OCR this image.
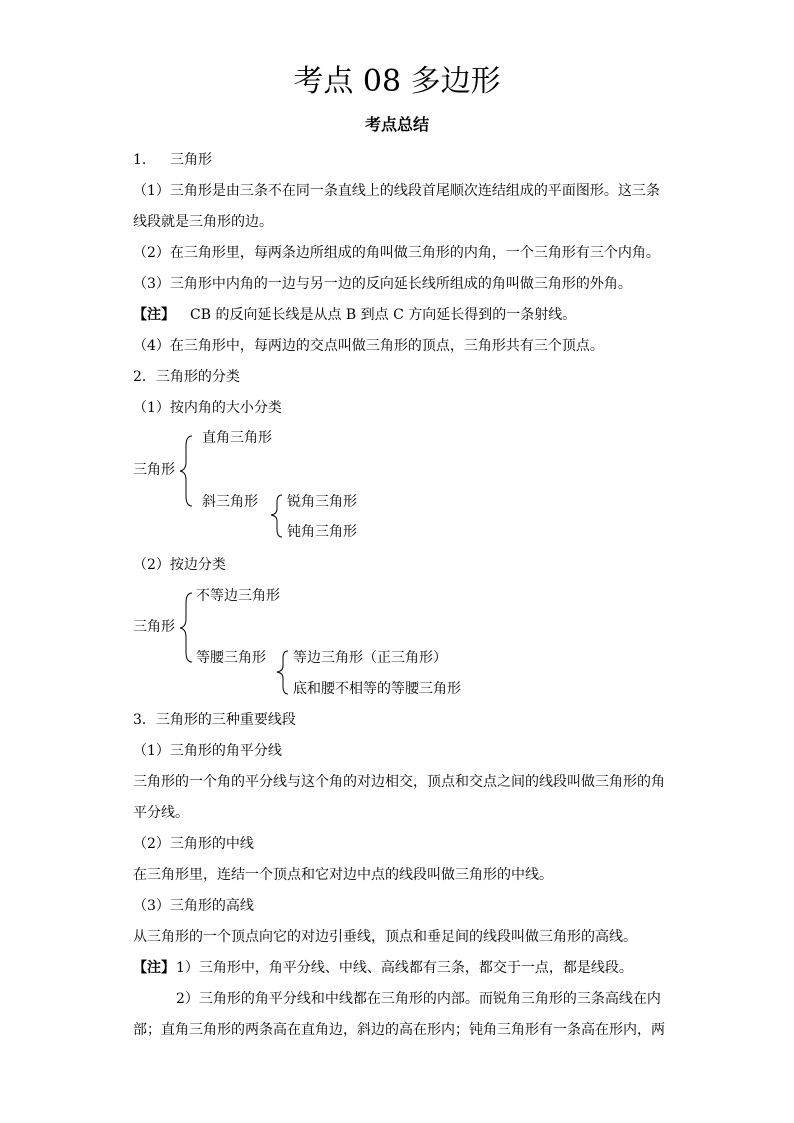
考点 08 多边形
考点总结
1. 三角形
（1）三角形是由三条不在同一条直线上的线段首尾顺次连结组成的平面图形。这三条
线段就是三角形的边。
（2）在三角形里，每两条边所组成的角叫做三角形的内角，一个三角形有三个内角。
（3）三角形中内角的一边与另一边的反向延长线所组成的角叫做三角形的外角。
【注】 CB 的反向延长线是从点 B 到点 C 方向延长得到的一条射线。
（4）在三角形中，每两边的交点叫做三角形的顶点，三角形共有三个顶点。
2．三角形的分类
（1）按内角的大小分类
三角形
直角三角形
斜三角形 锐角三角形
钝角三角形
（2）按边分类
三角形
不等边三角形
等腰三角形 等边三角形（正三角形）
底和腰不相等的等腰三角形
3．三角形的三种重要线段
（1）三角形的角平分线
三角形的一个角的平分线与这个角的对边相交，顶点和交点之间的线段叫做三角形的角
平分线。
（2）三角形的中线
在三角形里，连结一个顶点和它对边中点的线段叫做三角形的中线。
（3）三角形的高线
从三角形的一个顶点向它的对边引垂线，顶点和垂足间的线段叫做三角形的高线。
【注】 1）三角形中，角平分线、中线、高线都有三条，都交于一点，都是线段。
2）三角形的角平分线和中线都在三角形的内部。而锐角三角形的三条高线在内
部；直角三角形的两条高在直角边，斜边的高在形内；钝角三角形有一条高在形内，两
